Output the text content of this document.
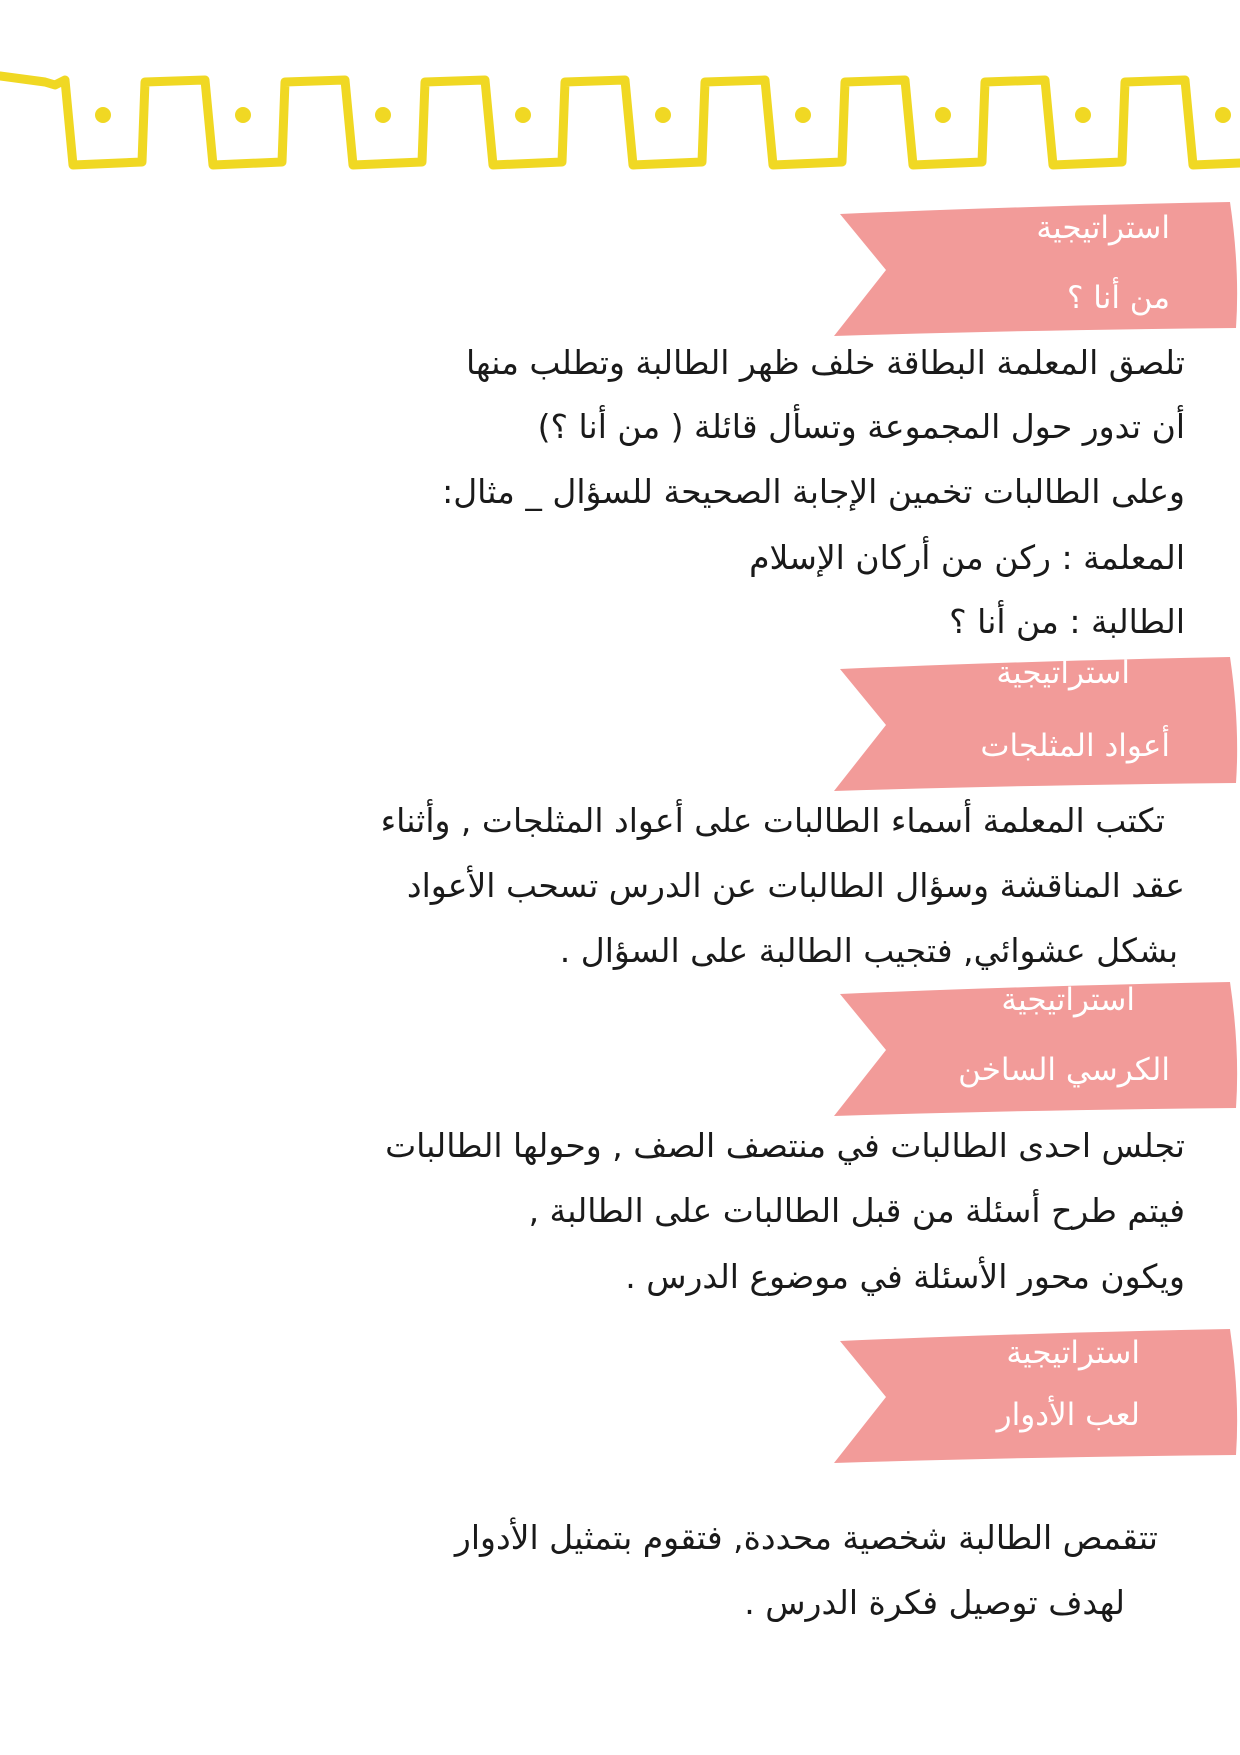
استراتيجية
من أنا ؟
تلصق المعلمة البطاقة خلف ظهر الطالبة وتطلب منها
أن تدور حول المجموعة وتسأل قائلة ( من أنا ؟)
وعلى الطالبات تخمين الإجابة الصحيحة للسؤال _ مثال:
المعلمة : ركن من أركان الإسلام
الطالبة : من أنا ؟
استراتيجية
أعواد المثلجات
تكتب المعلمة أسماء الطالبات على أعواد المثلجات , وأثناء
عقد المناقشة وسؤال الطالبات عن الدرس تسحب الأعواد
بشكل عشوائي, فتجيب الطالبة على السؤال .
استراتيجية
الكرسي الساخن
تجلس احدى الطالبات في منتصف الصف , وحولها الطالبات
فيتم طرح أسئلة من قبل الطالبات على الطالبة ,
ويكون محور الأسئلة في موضوع الدرس .
استراتيجية
لعب الأدوار
تتقمص الطالبة شخصية محددة, فتقوم بتمثيل الأدوار
لهدف توصيل فكرة الدرس .
